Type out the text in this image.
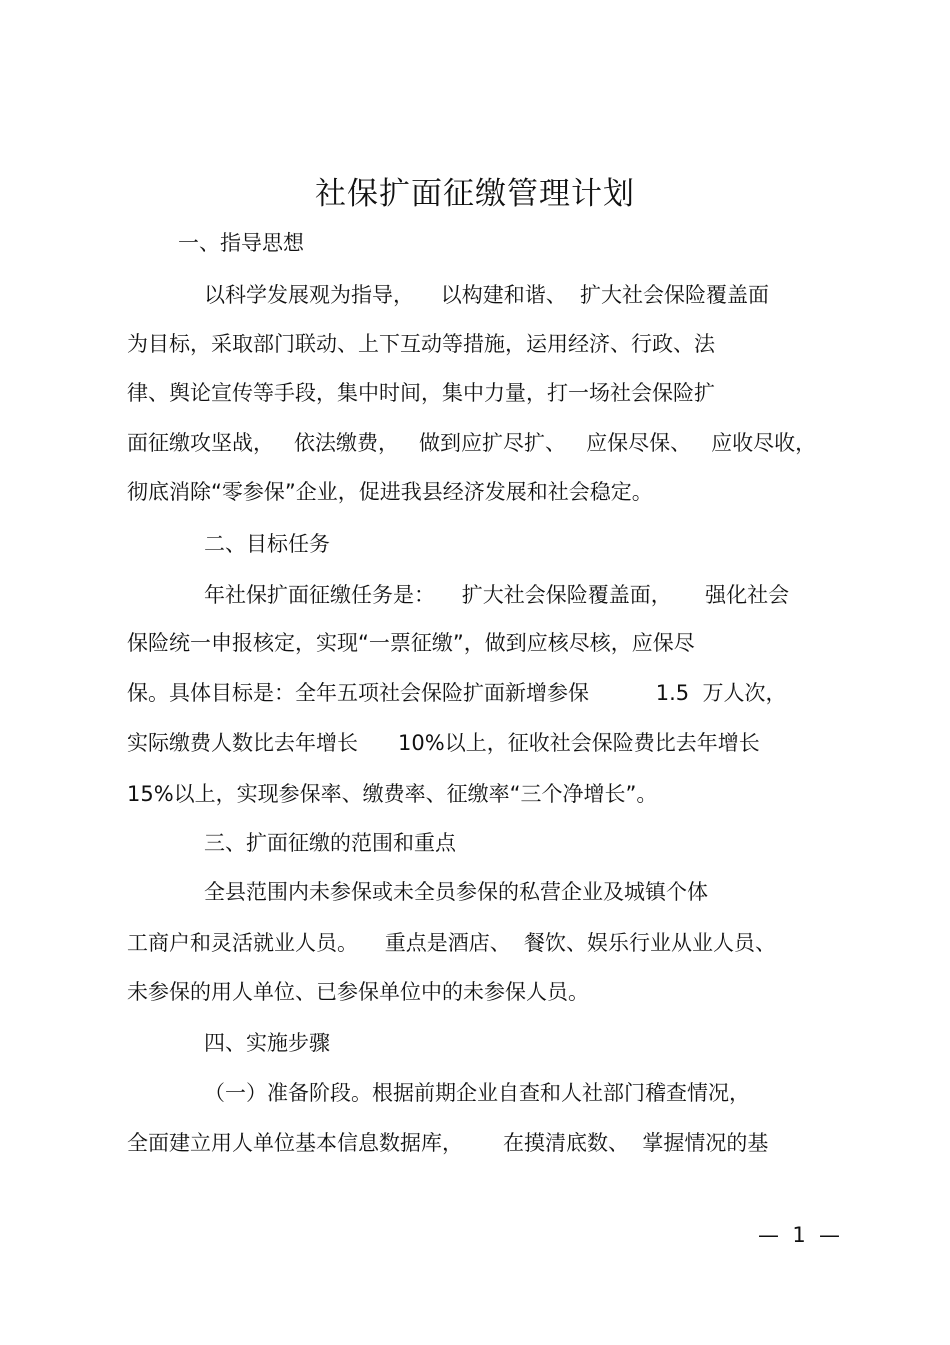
社保扩面征缴管理计划

一、指导思想

以科学发展观为指导，    以构建和谐、  扩大社会保险覆盖面

为目标，采取部门联动、上下互动等措施，运用经济、行政、法

律、舆论宣传等手段，集中时间，集中力量，打一场社会保险扩

面征缴攻坚战，   依法缴费，   做到应扩尽扩、   应保尽保、   应收尽收，

彻底消除“零参保”企业，促进我县经济发展和社会稳定。

二、目标任务

年社保扩面征缴任务是：    扩大社会保险覆盖面，     强化社会

保险统一申报核定，实现“一票征缴”，做到应核尽核，应保尽

保。具体目标是：全年五项社会保险扩面新增参保          1.5  万人次，

实际缴费人数比去年增长      10%以上，征收社会保险费比去年增长

15%以上，实现参保率、缴费率、征缴率“三个净增长”。

三、扩面征缴的范围和重点

全县范围内未参保或未全员参保的私营企业及城镇个体

工商户和灵活就业人员。    重点是酒店、  餐饮、娱乐行业从业人员、

未参保的用人单位、已参保单位中的未参保人员。

四、实施步骤

（一）准备阶段。根据前期企业自查和人社部门稽查情况，

全面建立用人单位基本信息数据库，      在摸清底数、  掌握情况的基

—  1  —
